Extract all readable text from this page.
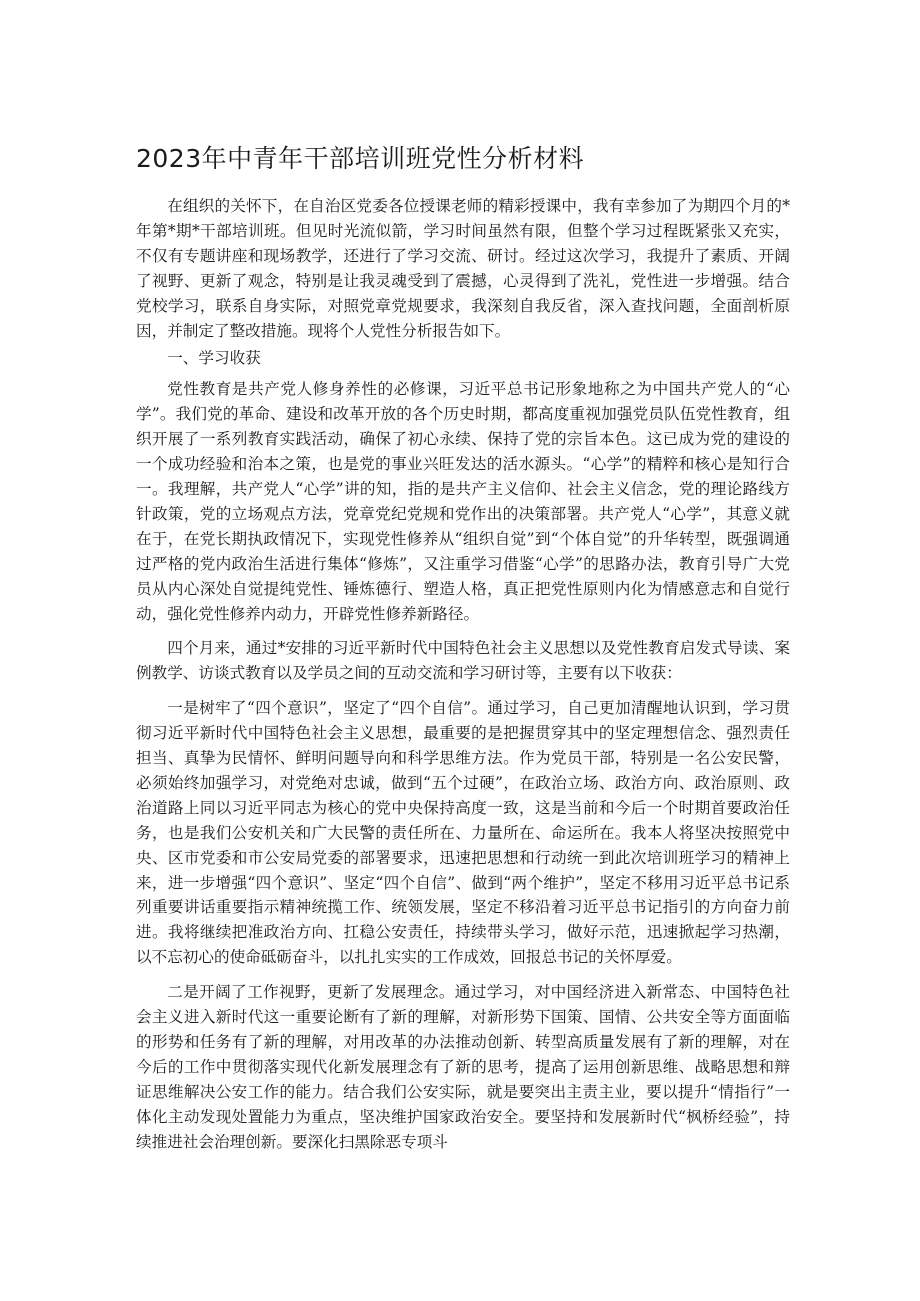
2023年中青年干部培训班党性分析材料

在组织的关怀下，在自治区党委各位授课老师的精彩授课中，我有幸参加了为期四个月的*年第*期*干部培训班。但见时光流似箭，学习时间虽然有限，但整个学习过程既紧张又充实，不仅有专题讲座和现场教学，还进行了学习交流、研讨。经过这次学习，我提升了素质、开阔了视野、更新了观念，特别是让我灵魂受到了震撼，心灵得到了洗礼，党性进一步增强。结合党校学习，联系自身实际，对照党章党规要求，我深刻自我反省，深入查找问题，全面剖析原因，并制定了整改措施。现将个人党性分析报告如下。

一、学习收获

党性教育是共产党人修身养性的必修课，习近平总书记形象地称之为中国共产党人的“心学”。我们党的革命、建设和改革开放的各个历史时期，都高度重视加强党员队伍党性教育，组织开展了一系列教育实践活动，确保了初心永续、保持了党的宗旨本色。这已成为党的建设的一个成功经验和治本之策，也是党的事业兴旺发达的活水源头。“心学”的精粹和核心是知行合一。我理解，共产党人“心学”讲的知，指的是共产主义信仰、社会主义信念，党的理论路线方针政策，党的立场观点方法，党章党纪党规和党作出的决策部署。共产党人“心学”，其意义就在于，在党长期执政情况下，实现党性修养从“组织自觉”到“个体自觉”的升华转型，既强调通过严格的党内政治生活进行集体“修炼”，又注重学习借鉴“心学”的思路办法，教育引导广大党员从内心深处自觉提纯党性、锤炼德行、塑造人格，真正把党性原则内化为情感意志和自觉行动，强化党性修养内动力，开辟党性修养新路径。

四个月来，通过*安排的习近平新时代中国特色社会主义思想以及党性教育启发式导读、案例教学、访谈式教育以及学员之间的互动交流和学习研讨等，主要有以下收获：

一是树牢了“四个意识”，坚定了“四个自信”。通过学习，自己更加清醒地认识到，学习贯彻习近平新时代中国特色社会主义思想，最重要的是把握贯穿其中的坚定理想信念、强烈责任担当、真挚为民情怀、鲜明问题导向和科学思维方法。作为党员干部，特别是一名公安民警，必须始终加强学习，对党绝对忠诚，做到“五个过硬”，在政治立场、政治方向、政治原则、政治道路上同以习近平同志为核心的党中央保持高度一致，这是当前和今后一个时期首要政治任务，也是我们公安机关和广大民警的责任所在、力量所在、命运所在。我本人将坚决按照党中央、区市党委和市公安局党委的部署要求，迅速把思想和行动统一到此次培训班学习的精神上来，进一步增强“四个意识”、坚定“四个自信”、做到“两个维护”，坚定不移用习近平总书记系列重要讲话重要指示精神统揽工作、统领发展，坚定不移沿着习近平总书记指引的方向奋力前进。我将继续把准政治方向、扛稳公安责任，持续带头学习，做好示范，迅速掀起学习热潮，以不忘初心的使命砥砺奋斗，以扎扎实实的工作成效，回报总书记的关怀厚爱。

二是开阔了工作视野，更新了发展理念。通过学习，对中国经济进入新常态、中国特色社会主义进入新时代这一重要论断有了新的理解，对新形势下国策、国情、公共安全等方面面临的形势和任务有了新的理解，对用改革的办法推动创新、转型高质量发展有了新的理解，对在今后的工作中贯彻落实现代化新发展理念有了新的思考，提高了运用创新思维、战略思想和辩证思维解决公安工作的能力。结合我们公安实际，就是要突出主责主业，要以提升“情指行”一体化主动发现处置能力为重点，坚决维护国家政治安全。要坚持和发展新时代“枫桥经验”，持续推进社会治理创新。要深化扫黑除恶专项斗
